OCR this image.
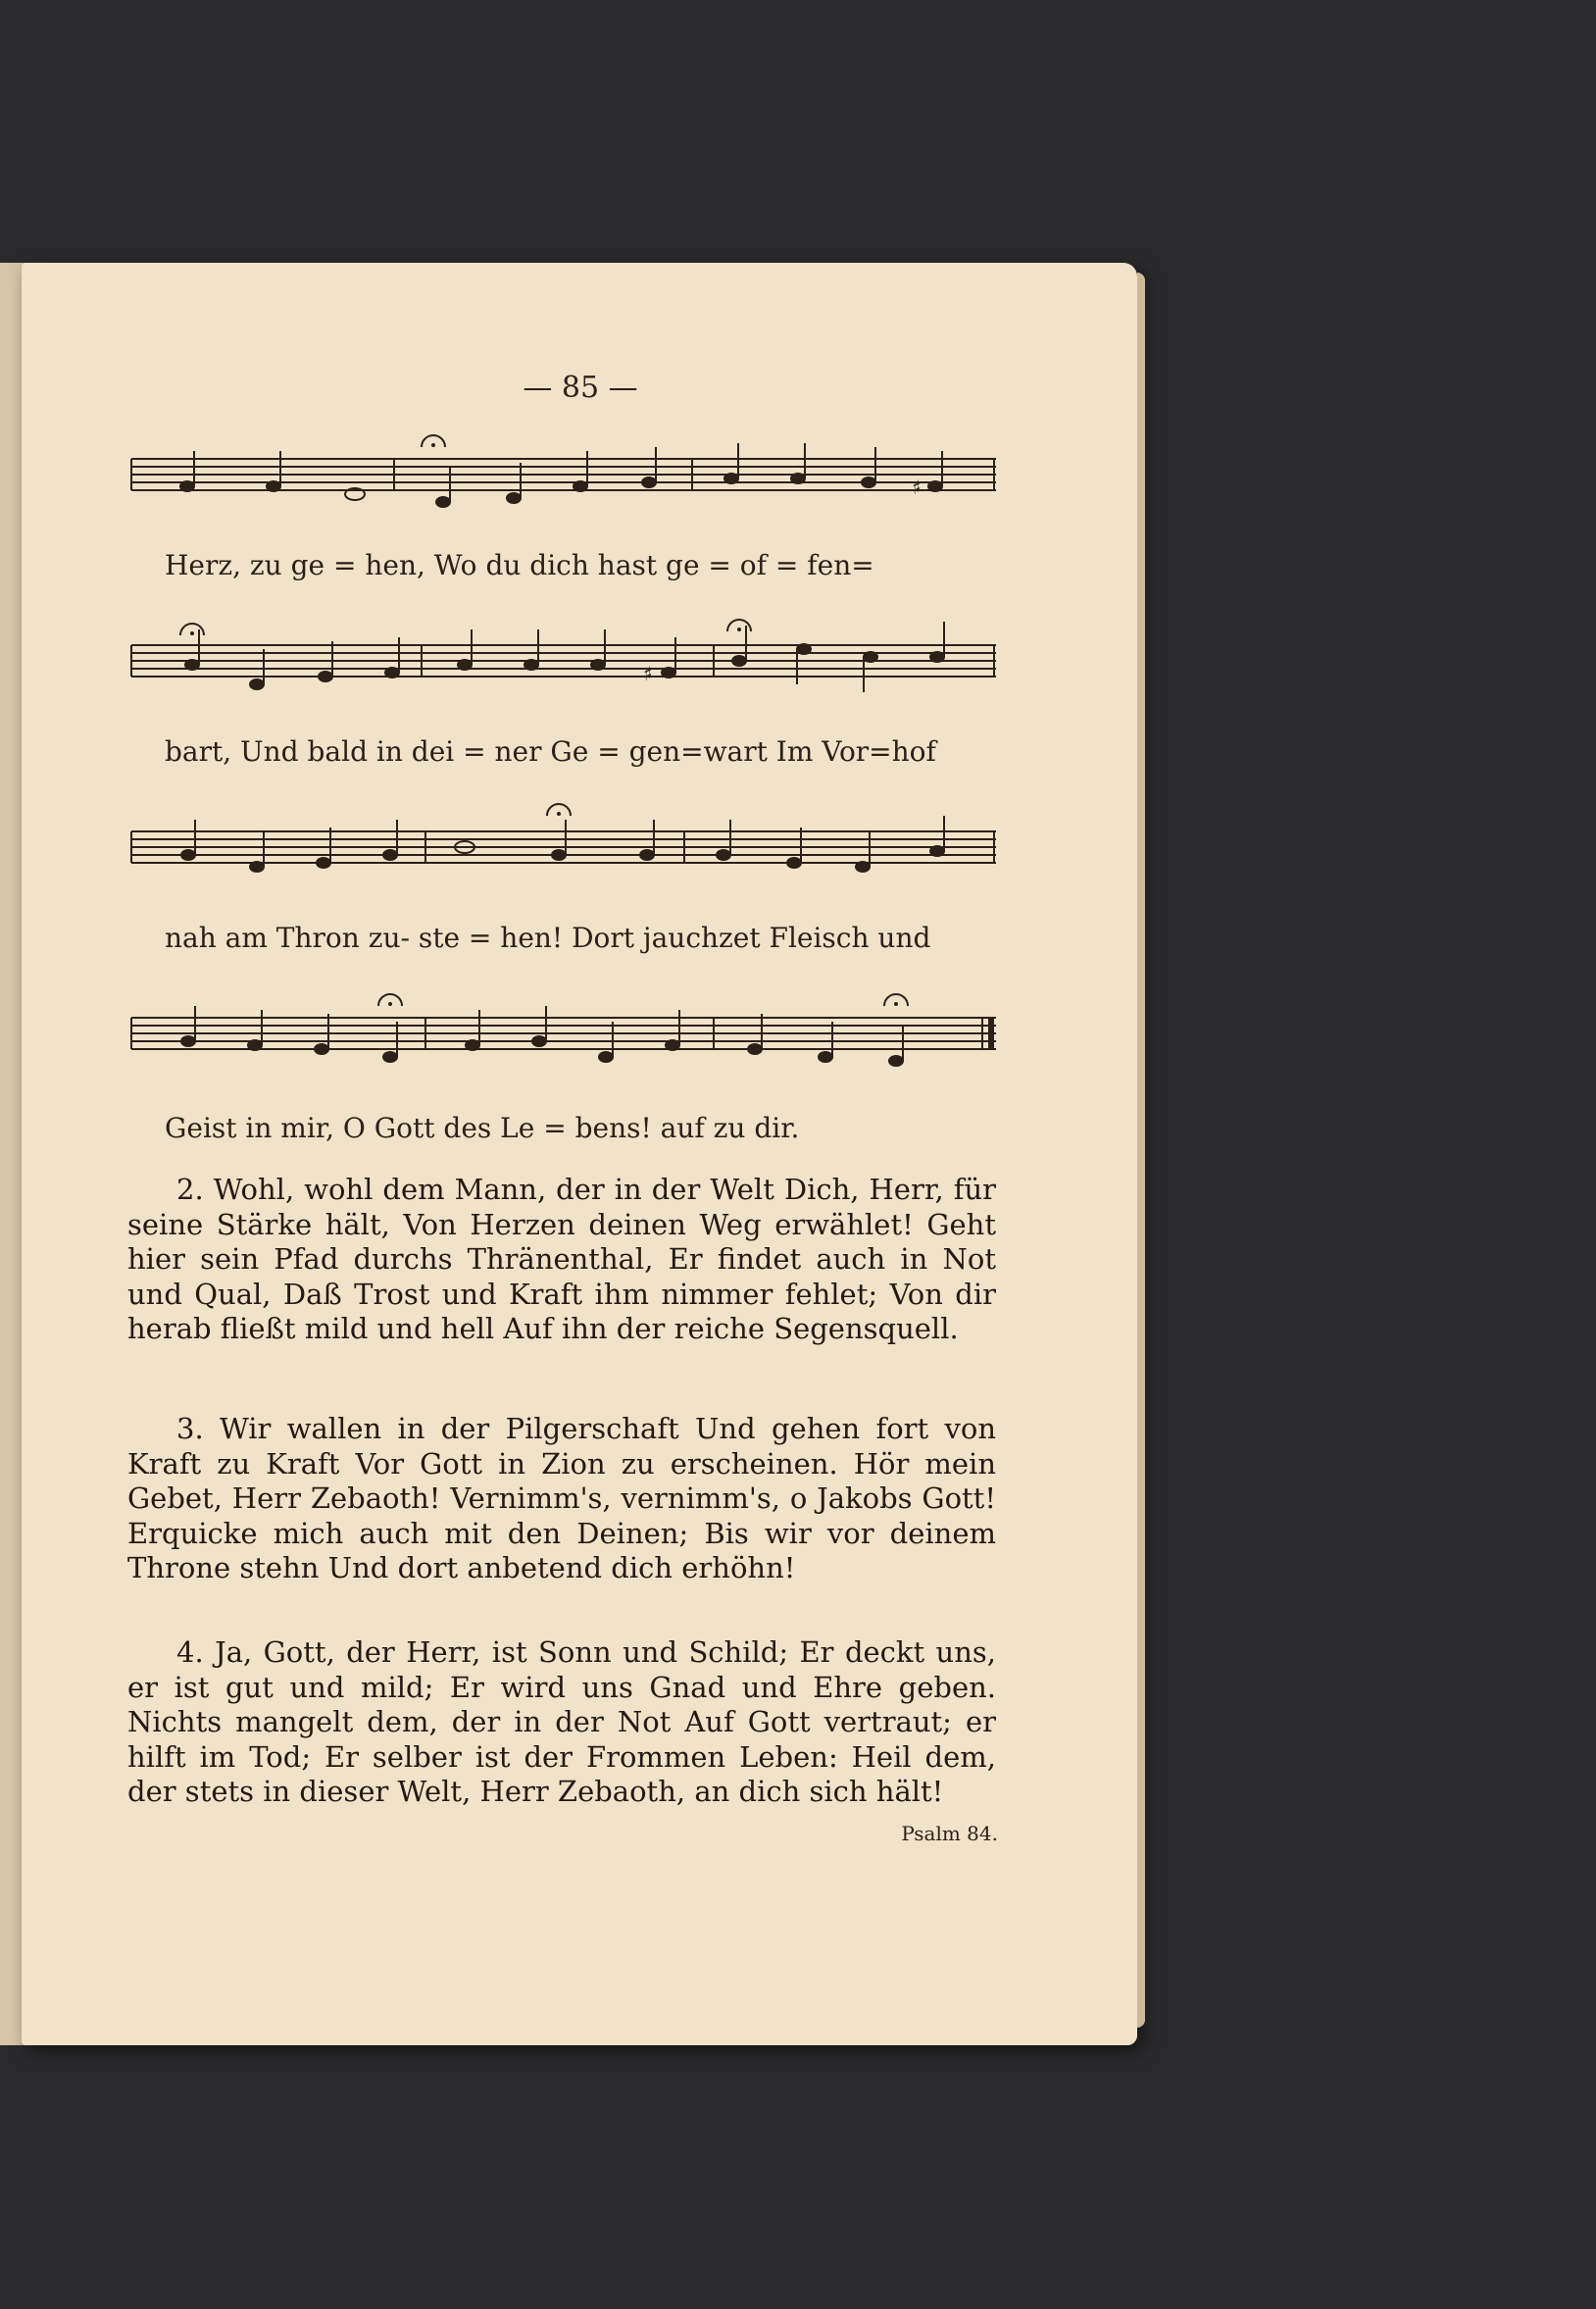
— 85 —
♯
Herz, zu ge = hen, Wo du dich hast ge = of = fen=
♯
bart, Und bald in dei = ner Ge = gen=wart Im Vor=hof
nah am Thron zu- ste = hen! Dort jauchzet Fleisch und
Geist in mir, O Gott des Le = bens! auf zu dir.

2. Wohl, wohl dem Mann, der in der Welt Dich, Herr, für seine Stärke hält, Von Herzen deinen Weg erwählet! Geht hier sein Pfad durchs Thränenthal, Er findet auch in Not und Qual, Daß Trost und Kraft ihm nimmer fehlet; Von dir herab fließt mild und hell Auf ihn der reiche Segensquell.

3. Wir wallen in der Pilgerschaft Und gehen fort von Kraft zu Kraft Vor Gott in Zion zu erscheinen. Hör mein Gebet, Herr Zebaoth! Vernimm's, vernimm's, o Jakobs Gott! Erquicke mich auch mit den Deinen; Bis wir vor deinem Throne stehn Und dort anbetend dich erhöhn!

4. Ja, Gott, der Herr, ist Sonn und Schild; Er deckt uns, er ist gut und mild; Er wird uns Gnad und Ehre geben. Nichts mangelt dem, der in der Not Auf Gott vertraut; er hilft im Tod; Er selber ist der Frommen Leben: Heil dem, der stets in dieser Welt, Herr Zebaoth, an dich sich hält!

Psalm 84.
